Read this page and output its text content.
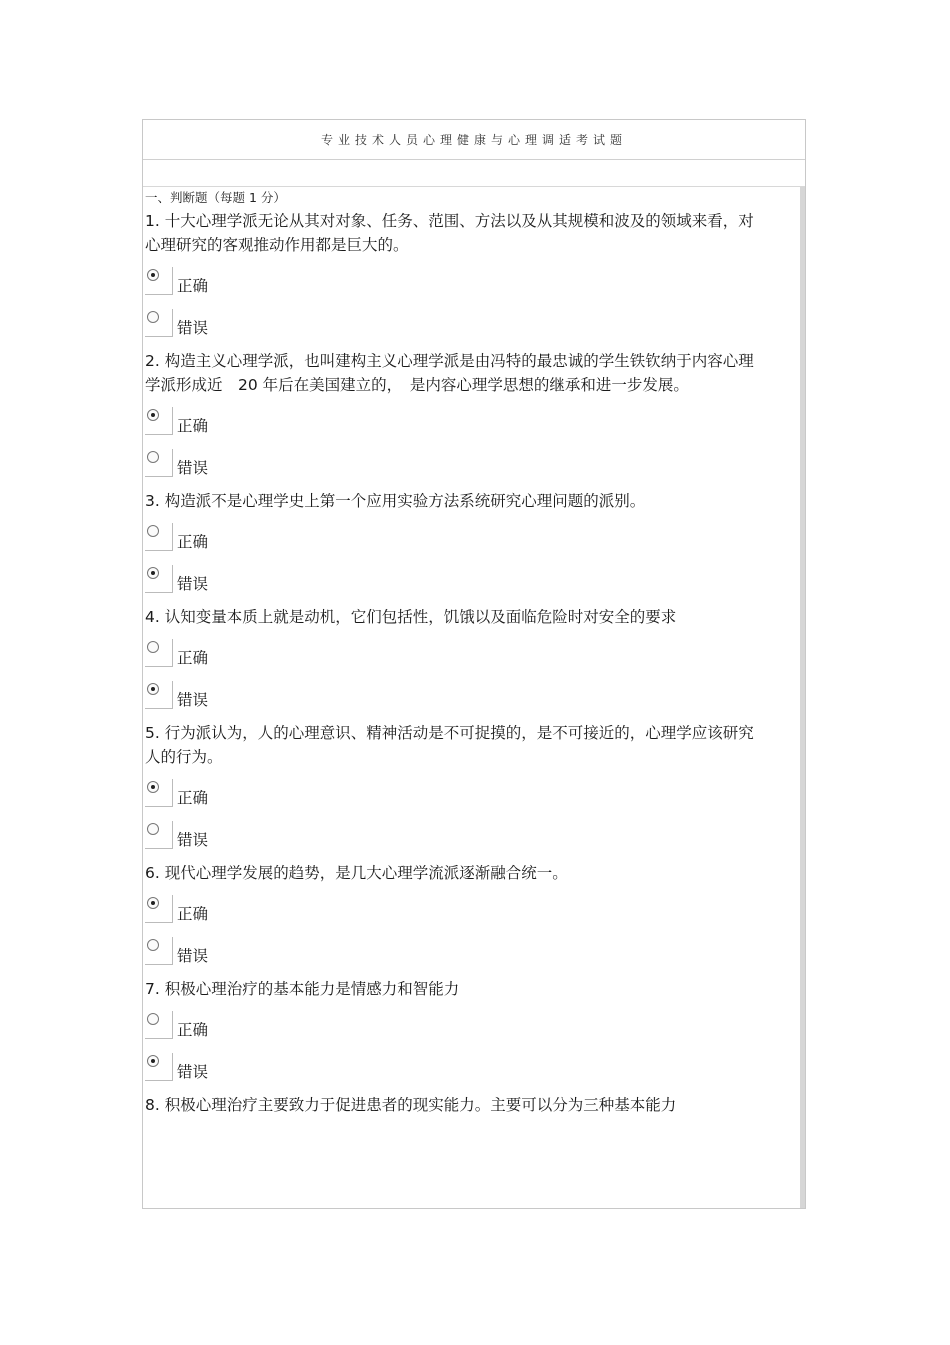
专业技术人员心理健康与心理调适考试题
一、判断题（每题 1 分）

1. 十大心理学派无论从其对对象、任务、范围、方法以及从其规模和波及的领域来看，对心理研究的客观推动作用都是巨大的。

正确
错误

2. 构造主义心理学派，也叫建构主义心理学派是由冯特的最忠诚的学生铁钦纳于内容心理学派形成近　20 年后在美国建立的，　是内容心理学思想的继承和进一步发展。

正确
错误

3. 构造派不是心理学史上第一个应用实验方法系统研究心理问题的派别。

正确
错误

4. 认知变量本质上就是动机，它们包括性，饥饿以及面临危险时对安全的要求

正确
错误

5. 行为派认为，人的心理意识、精神活动是不可捉摸的，是不可接近的，心理学应该研究人的行为。

正确
错误

6. 现代心理学发展的趋势，是几大心理学流派逐渐融合统一。

正确
错误

7. 积极心理治疗的基本能力是情感力和智能力

正确
错误

8. 积极心理治疗主要致力于促进患者的现实能力。主要可以分为三种基本能力
